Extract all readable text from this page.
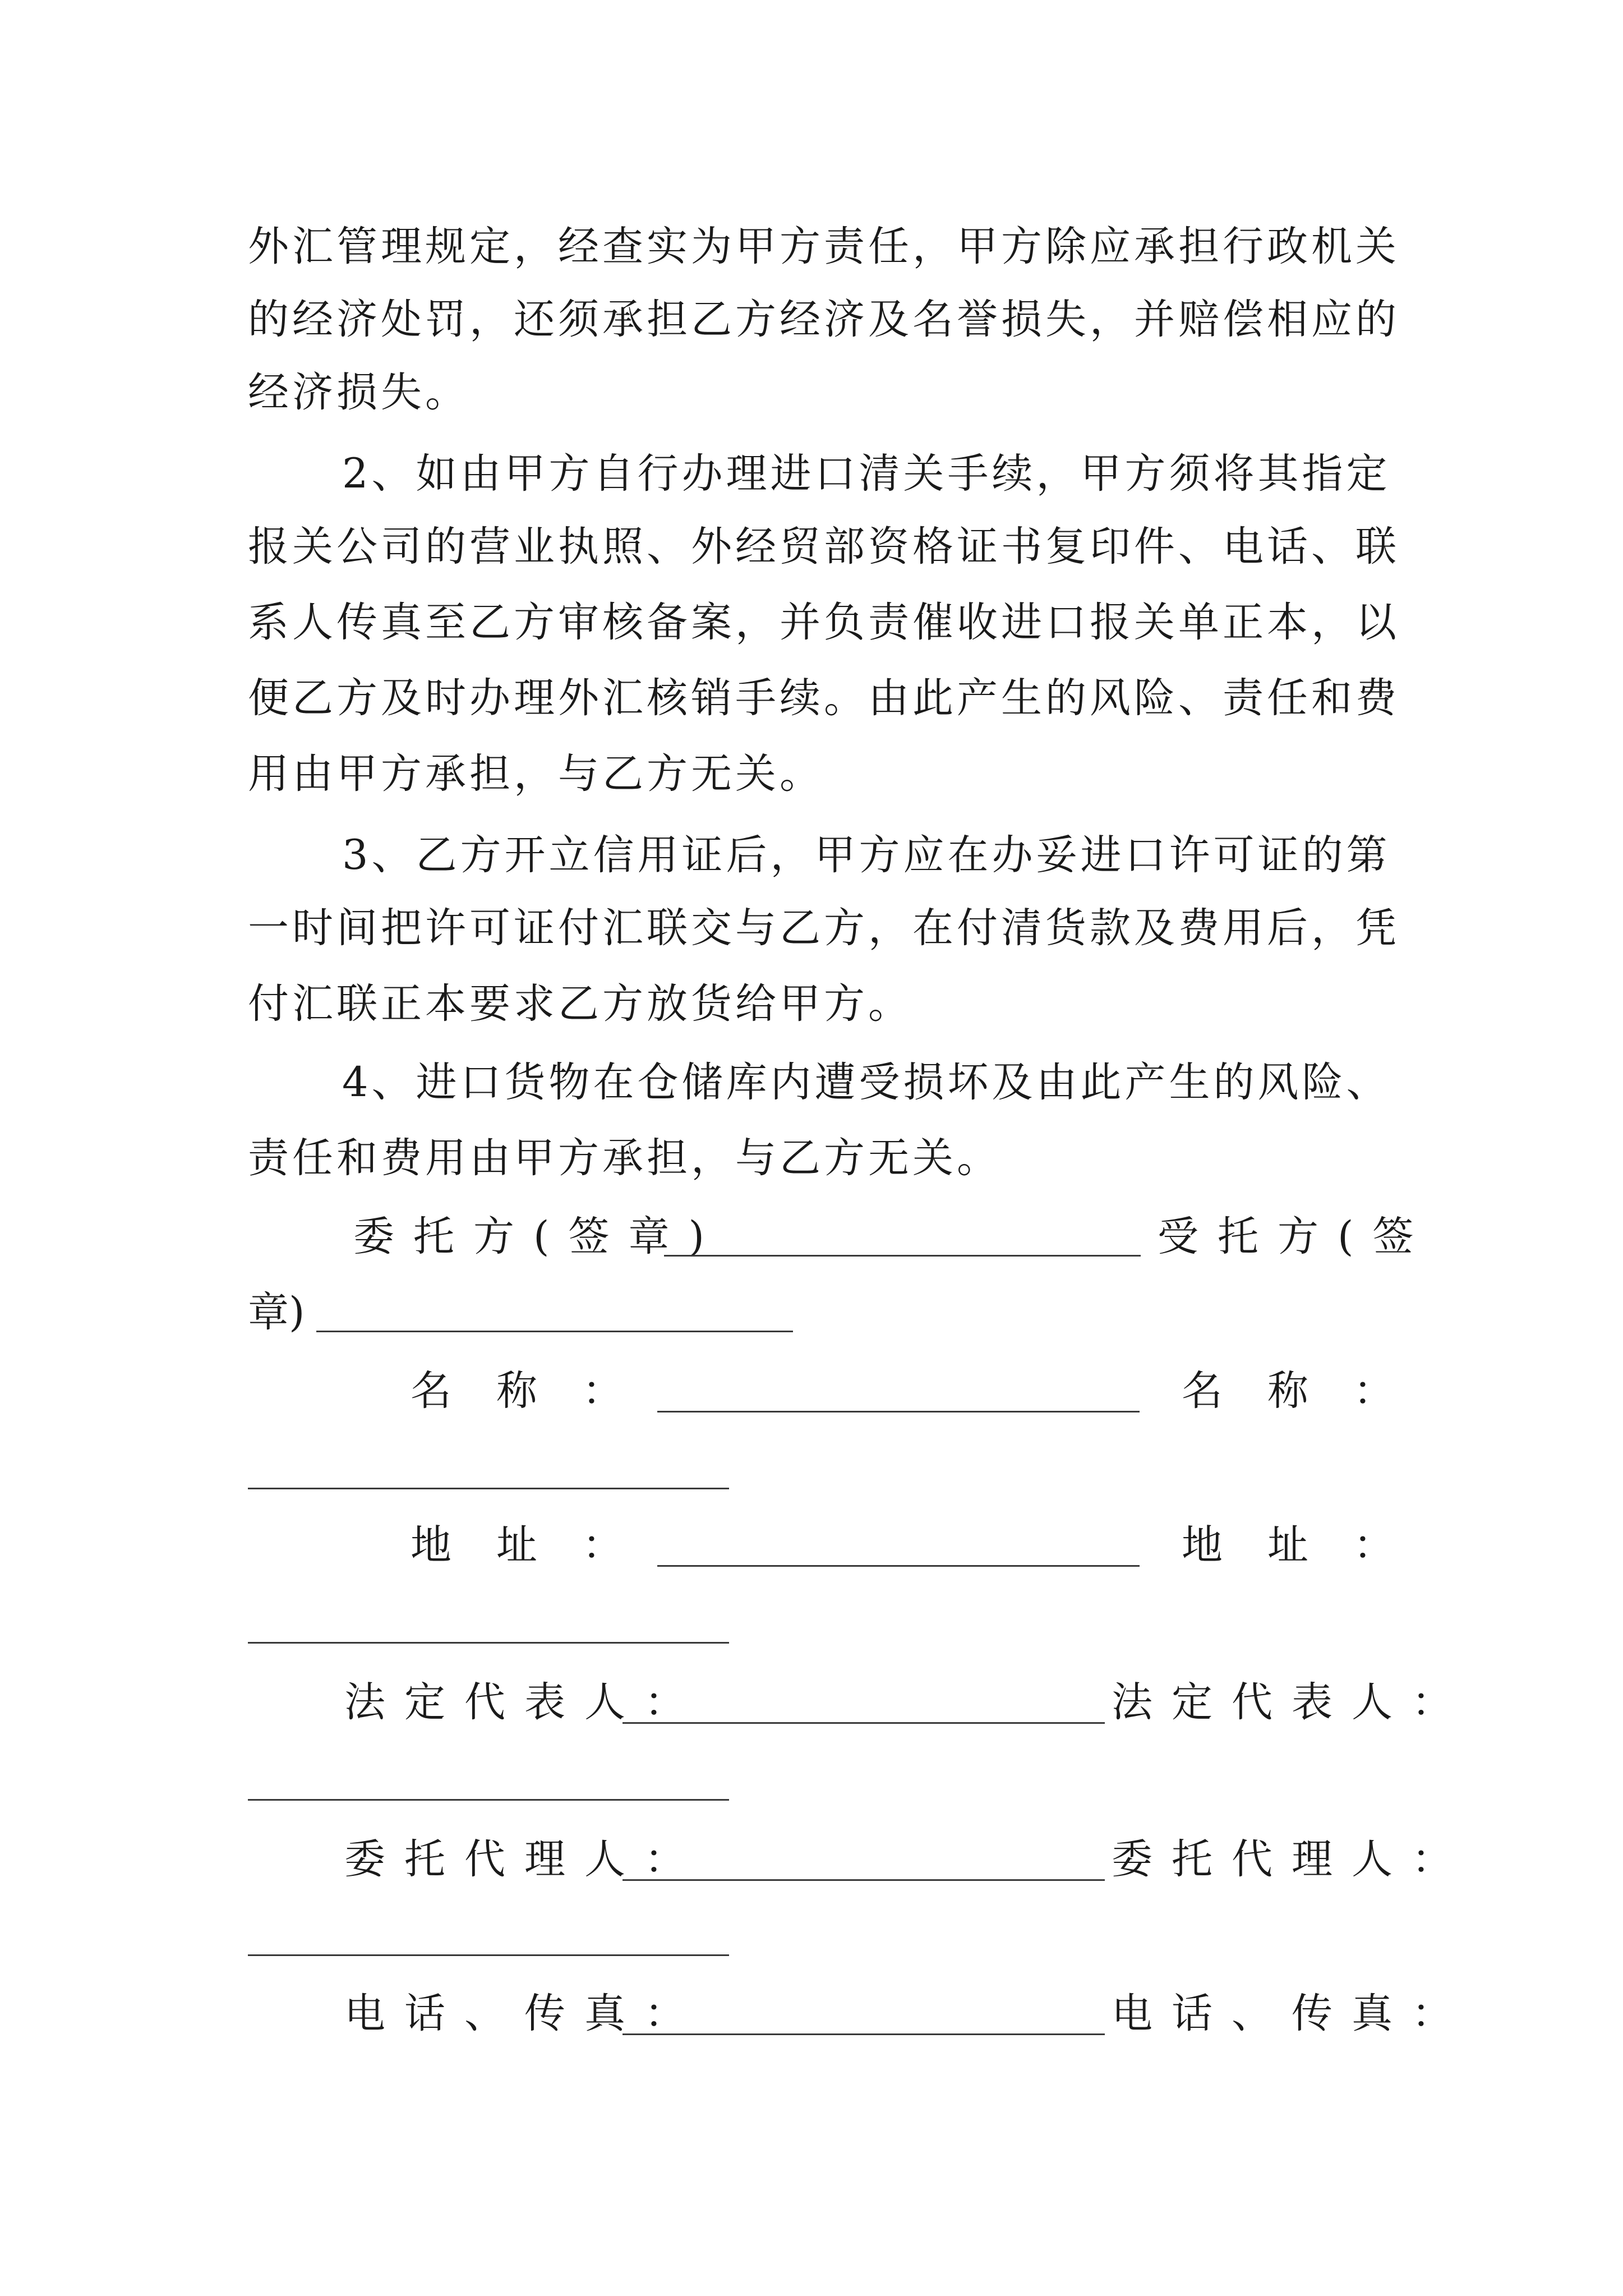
外汇管理规定，经查实为甲方责任，甲方除应承担行政机关
的经济处罚，还须承担乙方经济及名誉损失，并赔偿相应的
经济损失。
2、如由甲方自行办理进口清关手续，甲方须将其指定
报关公司的营业执照、外经贸部资格证书复印件、电话、联
系人传真至乙方审核备案，并负责催收进口报关单正本，以
便乙方及时办理外汇核销手续。由此产生的风险、责任和费
用由甲方承担，与乙方无关。
3、乙方开立信用证后，甲方应在办妥进口许可证的第
一时间把许可证付汇联交与乙方，在付清货款及费用后，凭
付汇联正本要求乙方放货给甲方。
4、进口货物在仓储库内遭受损坏及由此产生的风险、
责任和费用由甲方承担，与乙方无关。
委托方(签章)	受托方(签
章)
名称：	名称：
地址：	地址：
法定代表人：	法定代表人：
委托代理人：	委托代理人：
电话、传真：	电话、传真：
